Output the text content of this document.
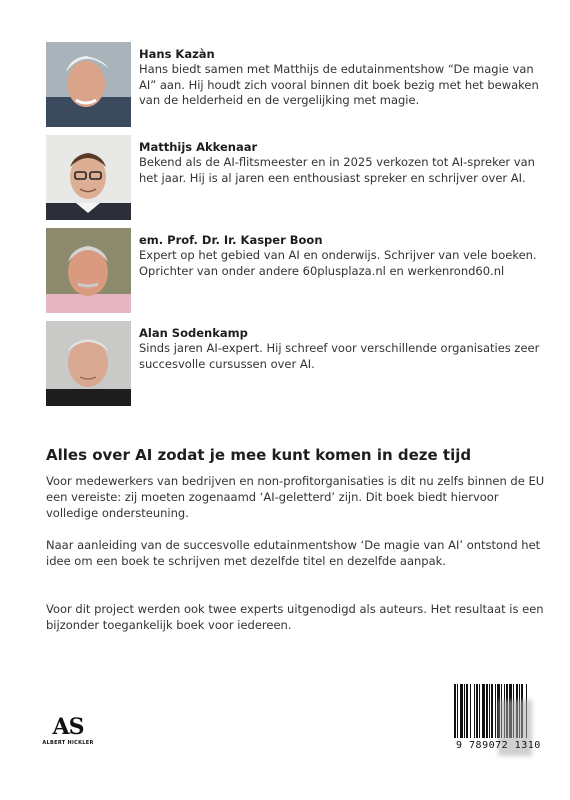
Hans Kazàn
Hans biedt samen met Matthijs de edutainmentshow “De magie van AI” aan. Hij houdt zich vooral binnen dit boek bezig met het bewaken van de helderheid en de vergelijking met magie.
Matthijs Akkenaar
Bekend als de AI-flitsmeester en in 2025 verkozen tot AI-spreker van het jaar. Hij is al jaren een enthousiast spreker en schrijver over AI.
em. Prof. Dr. Ir. Kasper Boon
Expert op het gebied van AI en onderwijs. Schrijver van vele boeken. Oprichter van onder andere 60plusplaza.nl en werkenrond60.nl
Alan Sodenkamp
Sinds jaren AI-expert. Hij schreef voor verschillende organisaties zeer succesvolle cursussen over AI.
Alles over AI zodat je mee kunt komen in deze tijd

Voor medewerkers van bedrijven en non-profitorganisaties is dit nu zelfs binnen de EU een vereiste: zij moeten zogenaamd ‘AI-geletterd’ zijn. Dit boek biedt hiervoor volledige ondersteuning.

Naar aanleiding van de succesvolle edutainmentshow ‘De magie van AI’ ontstond het idee om een boek te schrijven met dezelfde titel en dezelfde aanpak.

Voor dit project werden ook twee experts uitgenodigd als auteurs. Het resultaat is een bijzonder toegankelijk boek voor iedereen.

AS
ALBERT HICKLER	9 789072 1310
